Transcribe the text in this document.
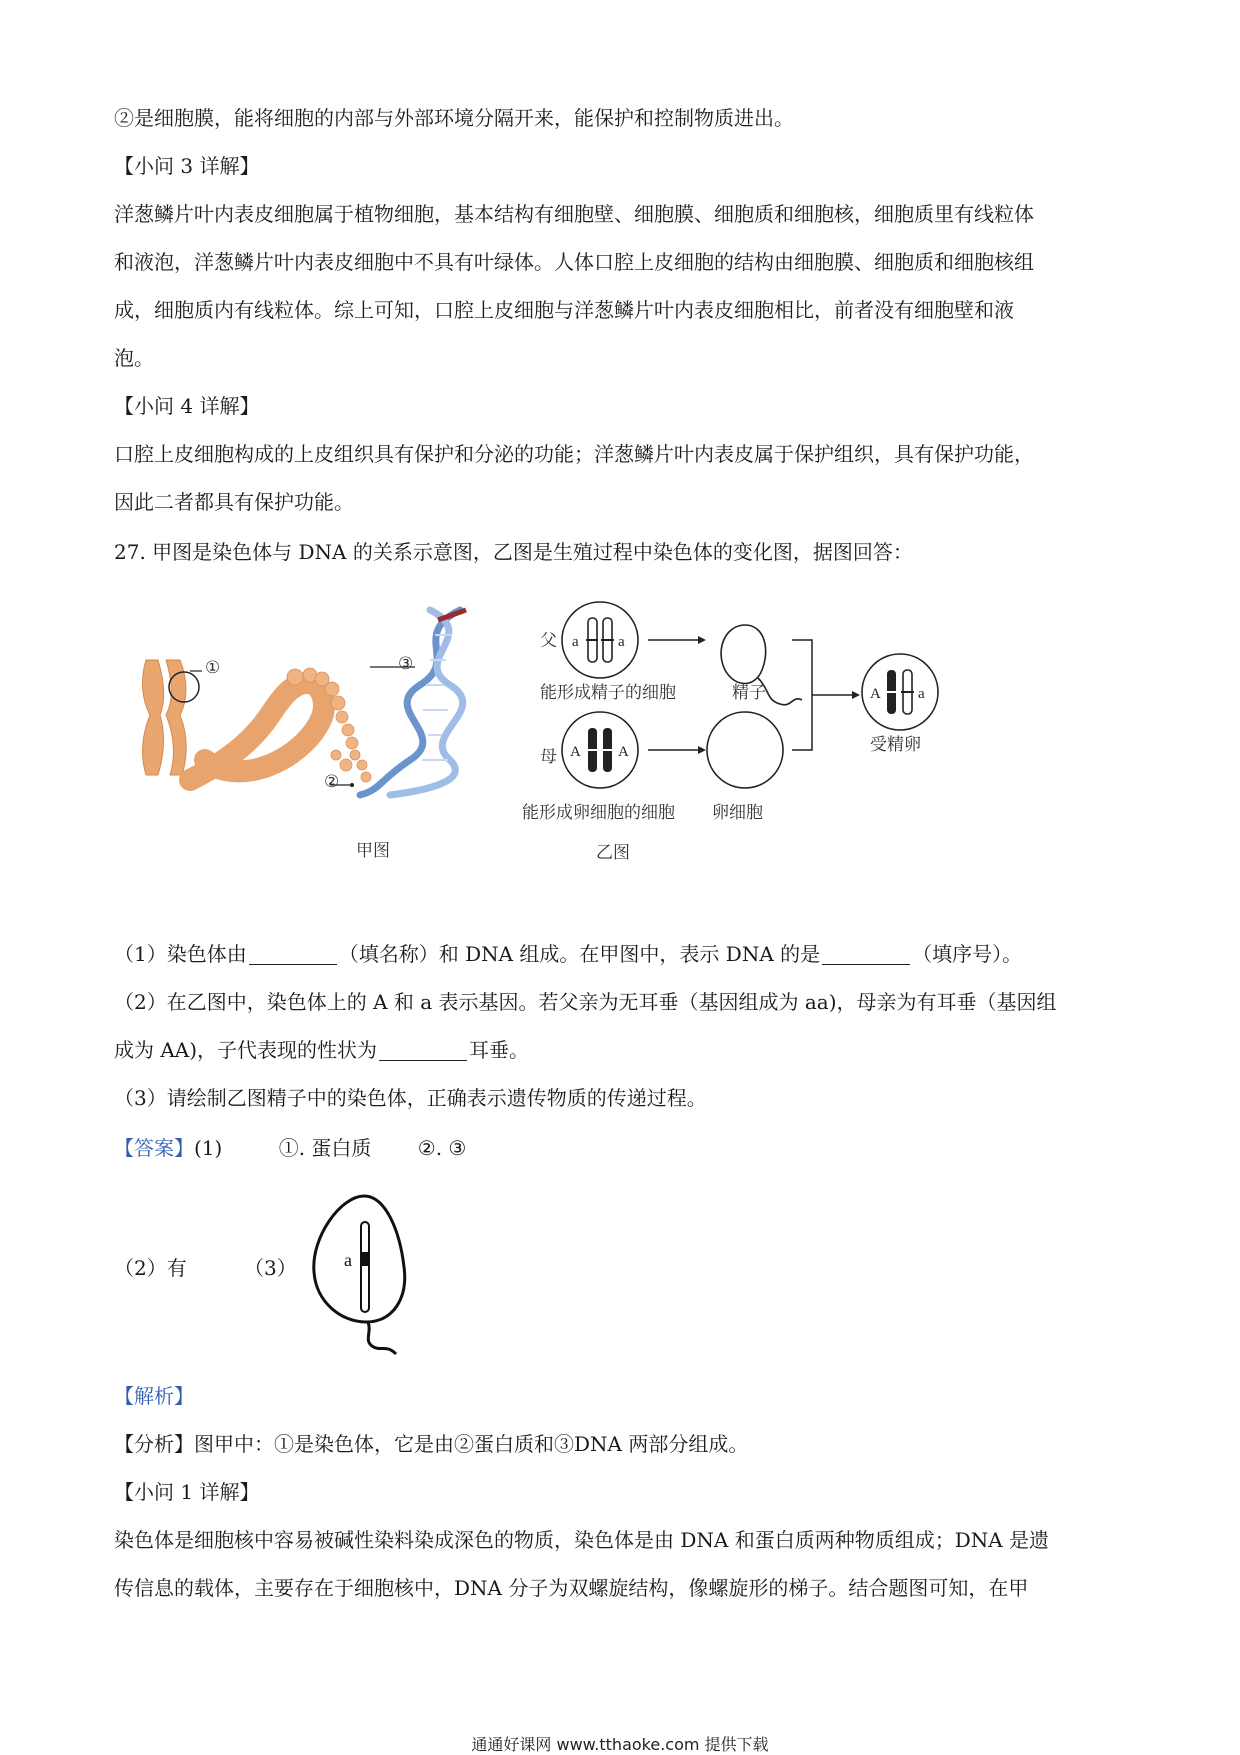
②是细胞膜，能将细胞的内部与外部环境分隔开来，能保护和控制物质进出。
【小问 3 详解】
洋葱鳞片叶内表皮细胞属于植物细胞，基本结构有细胞壁、细胞膜、细胞质和细胞核，细胞质里有线粒体
和液泡，洋葱鳞片叶内表皮细胞中不具有叶绿体。人体口腔上皮细胞的结构由细胞膜、细胞质和细胞核组
成，细胞质内有线粒体。综上可知，口腔上皮细胞与洋葱鳞片叶内表皮细胞相比，前者没有细胞壁和液
泡。
【小问 4 详解】
口腔上皮细胞构成的上皮组织具有保护和分泌的功能；洋葱鳞片叶内表皮属于保护组织，具有保护功能，
因此二者都具有保护功能。
27. 甲图是染色体与 DNA 的关系示意图，乙图是生殖过程中染色体的变化图，据图回答：
①
②
③
甲图
a	a
A A
A a
父
母
能形成精子的细胞
能形成卵细胞的细胞
精子
卵细胞
受精卵
乙图
（1）染色体由	（填名称）和 DNA 组成。在甲图中，表示 DNA 的是	（填序号）。
（2）在乙图中，染色体上的 A 和 a 表示基因。若父亲为无耳垂（基因组成为 aa)，母亲为有耳垂（基因组
成为 AA)，子代表现的性状为	耳垂。
（3）请绘制乙图精子中的染色体，正确表示遗传物质的传递过程。
【答案】(1)	①. 蛋白质 ②. ③
（2）有	（3）	a
【解析】
【分析】图甲中：①是染色体，它是由②蛋白质和③DNA 两部分组成。
【小问 1 详解】
染色体是细胞核中容易被碱性染料染成深色的物质，染色体是由 DNA 和蛋白质两种物质组成；DNA 是遗
传信息的载体，主要存在于细胞核中，DNA 分子为双螺旋结构，像螺旋形的梯子。结合题图可知，在甲
通通好课网 www.tthaoke.com 提供下载
